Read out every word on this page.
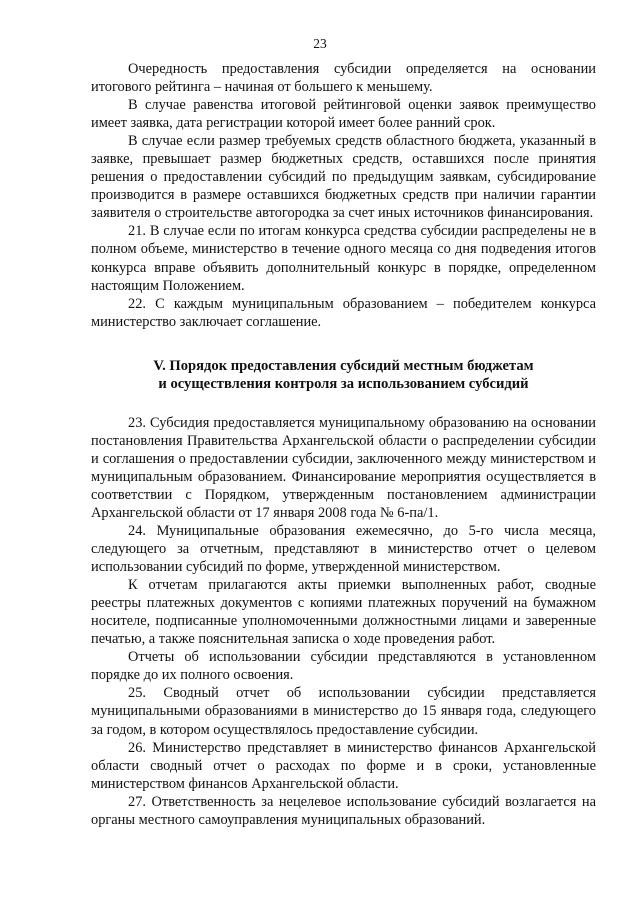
23

Очередность предоставления субсидии определяется на основании итогового рейтинга – начиная от большего к меньшему.

В случае равенства итоговой рейтинговой оценки заявок преимущество имеет заявка, дата регистрации которой имеет более ранний срок.

В случае если размер требуемых средств областного бюджета, указанный в заявке, превышает размер бюджетных средств, оставшихся после принятия решения о предоставлении субсидий по предыдущим заявкам, субсидирование производится в размере оставшихся бюджетных средств при наличии гарантии заявителя о строительстве автогородка за счет иных источников финансирования.

21. В случае если по итогам конкурса средства субсидии распределены не в полном объеме, министерство в течение одного месяца со дня подведения итогов конкурса вправе объявить дополнительный конкурс в порядке, определенном настоящим Положением.

22. С каждым муниципальным образованием – победителем конкурса министерство заключает соглашение.

V. Порядок предоставления субсидий местным бюджетам

и осуществления контроля за использованием субсидий

23. Субсидия предоставляется муниципальному образованию на основании постановления Правительства Архангельской области о распределении субсидии и соглашения о предоставлении субсидии, заключенного между министерством и муниципальным образованием. Финансирование мероприятия осуществляется в соответствии с Порядком, утвержденным постановлением администрации Архангельской области от 17 января 2008 года № 6-па/1.

24. Муниципальные образования ежемесячно, до 5-го числа месяца, следующего за отчетным, представляют в министерство отчет о целевом использовании субсидий по форме, утвержденной министерством.

К отчетам прилагаются акты приемки выполненных работ, сводные реестры платежных документов с копиями платежных поручений на бумажном носителе, подписанные уполномоченными должностными лицами и заверенные печатью, а также пояснительная записка о ходе проведения работ.

Отчеты об использовании субсидии представляются в установленном порядке до их полного освоения.

25. Сводный отчет об использовании субсидии представляется муниципальными образованиями в министерство до 15 января года, следующего за годом, в котором осуществлялось предоставление субсидии.

26. Министерство представляет в министерство финансов Архангельской области сводный отчет о расходах по форме и в сроки, установленные министерством финансов Архангельской области.

27. Ответственность за нецелевое использование субсидий возлагается на органы местного самоуправления муниципальных образований.
